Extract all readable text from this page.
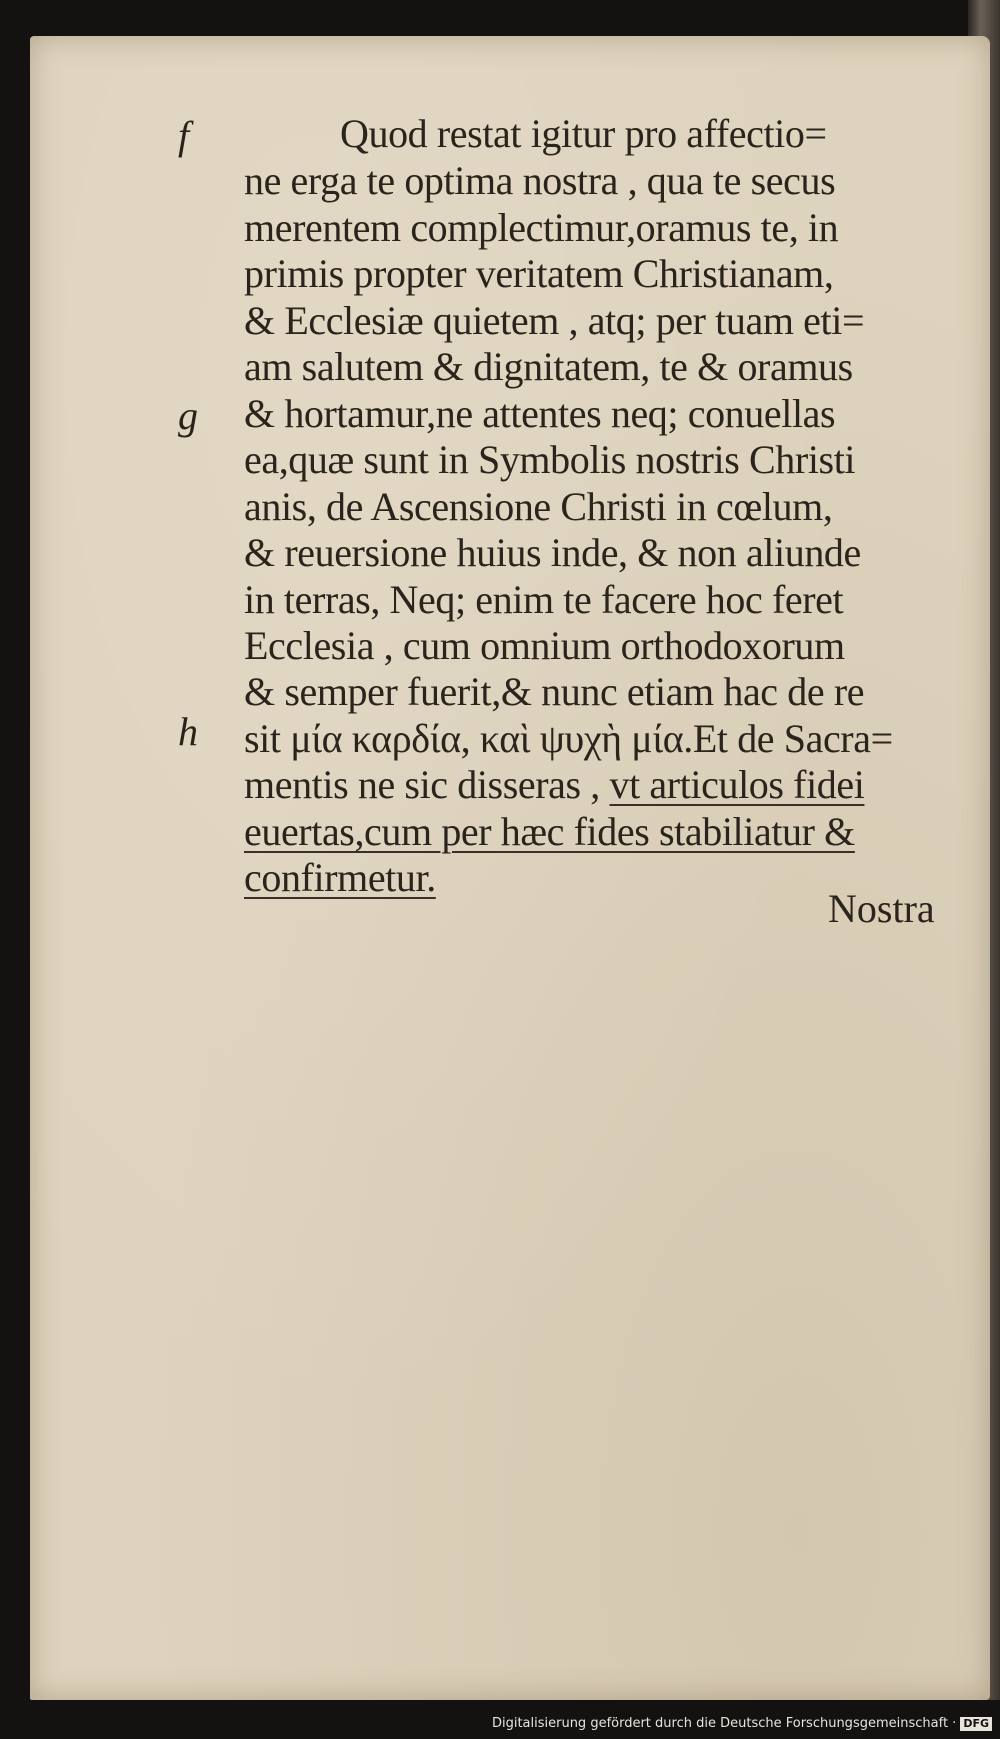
f
g
h
Quod restat igitur pro affectio=
ne erga te optima nostra , qua te secus
merentem complectimur,oramus te, in
primis propter veritatem Christianam,
& Ecclesiæ quietem , atq; per tuam eti=
am salutem & dignitatem, te & oramus
& hortamur,ne attentes neq; conuellas
ea,quæ sunt in Symbolis nostris Christi
anis, de Ascensione Christi in cœlum,
& reuersione huius inde, & non aliunde
in terras, Neq; enim te facere hoc feret
Ecclesia , cum omnium orthodoxorum
& semper fuerit,& nunc etiam hac de re
sit μία καρδία, καὶ ψυχὴ μία.Et de Sacra=
mentis ne sic disseras , vt articulos fidei
euertas,cum per hæc fides stabiliatur &
confirmetur.
Nostra
Digitalisierung gefördert durch die Deutsche Forschungsgemeinschaft · DFG
